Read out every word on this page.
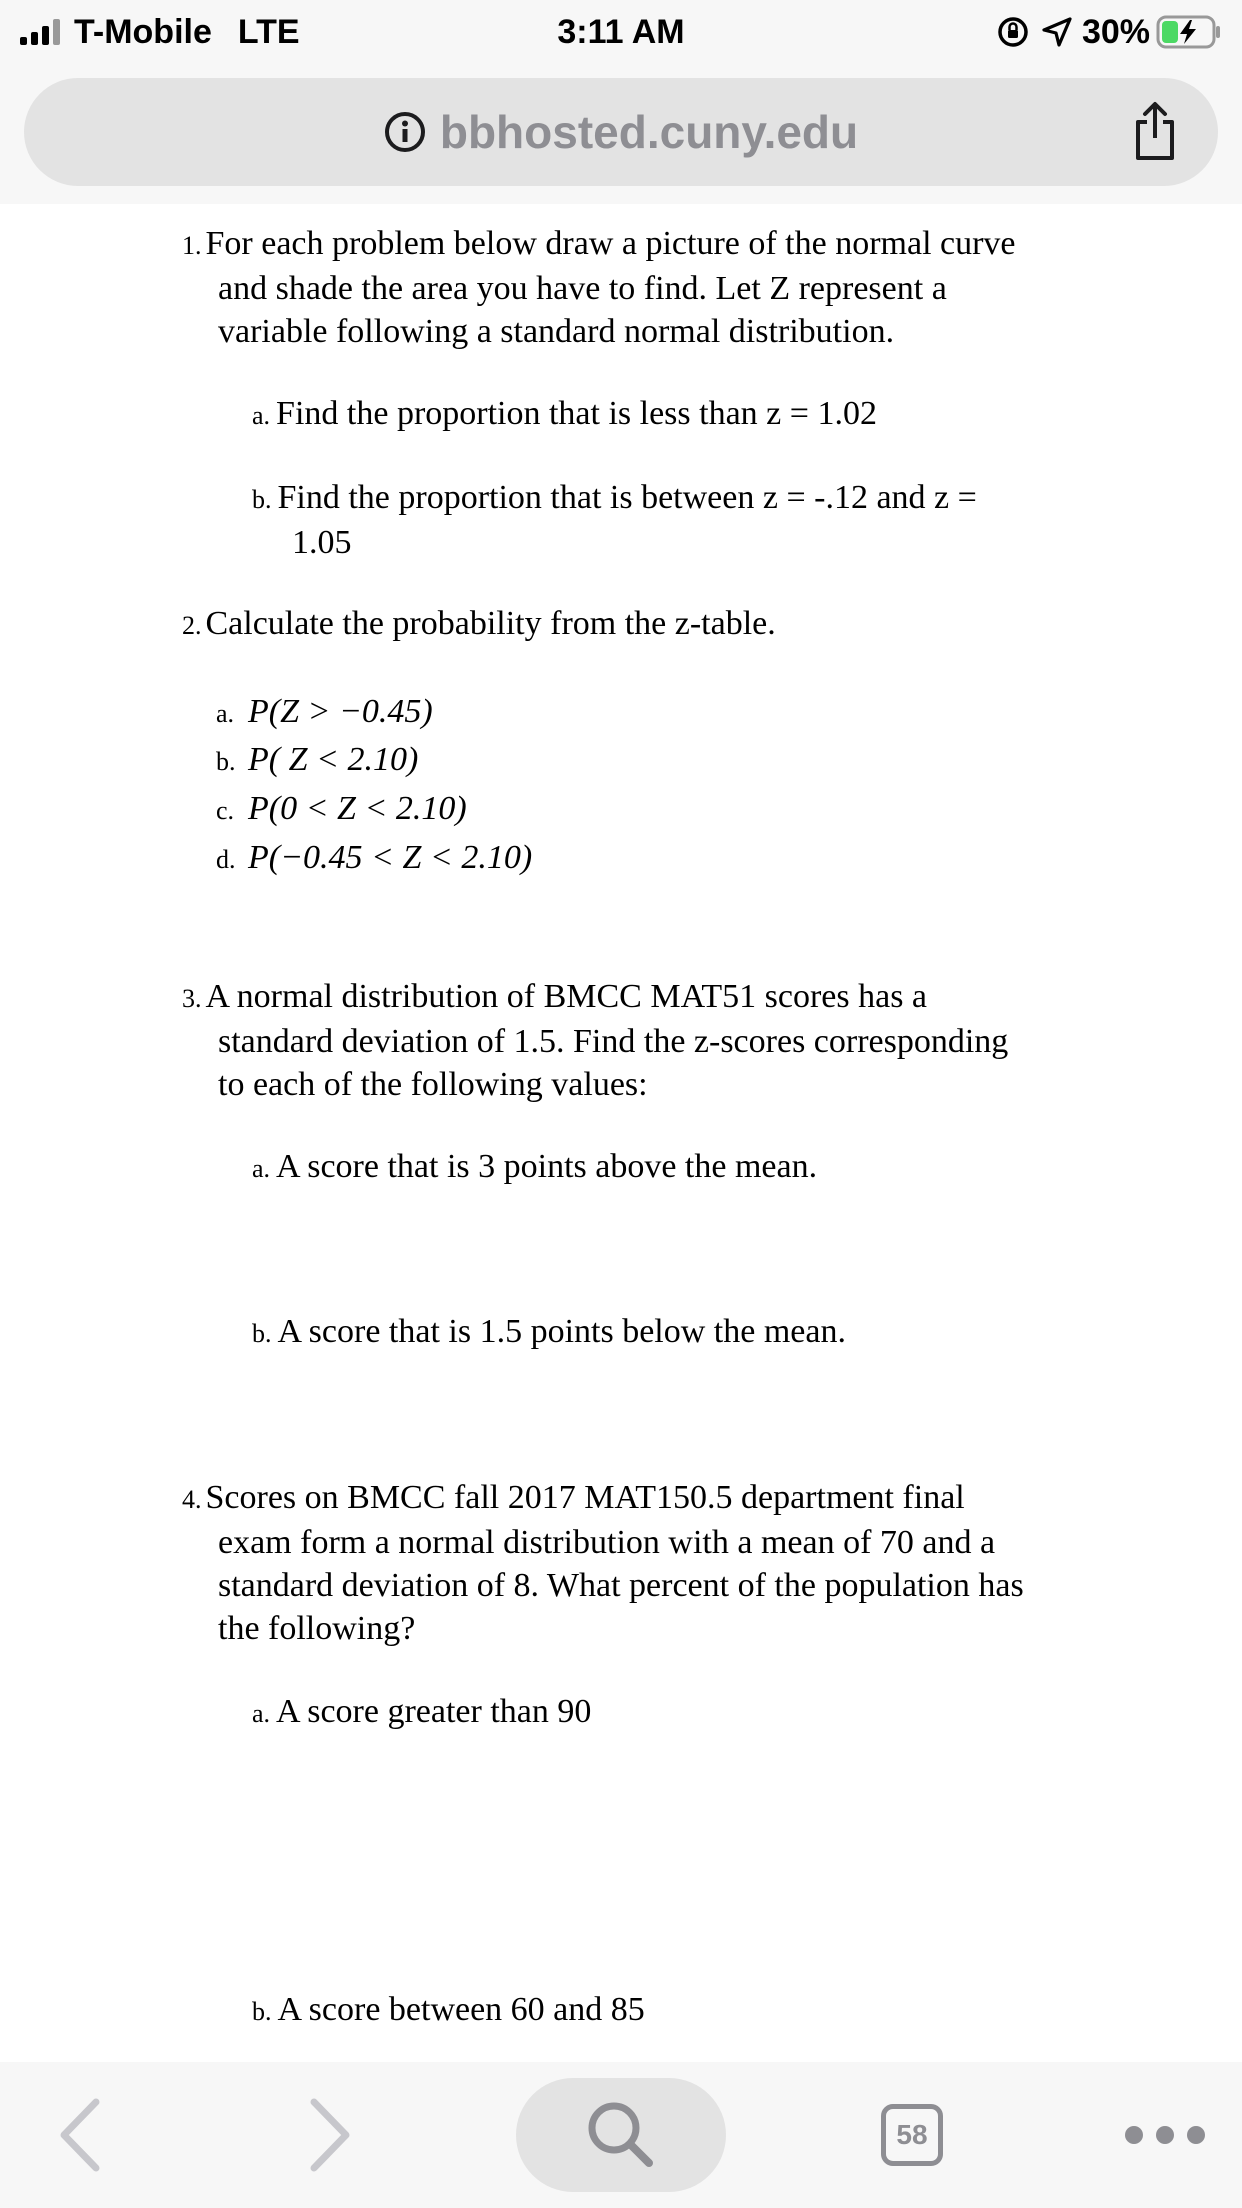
T-Mobile LTE	3:11 AM	30%
bbhosted.cuny.edu
1. For each problem below draw a picture of the normal curve
and shade the area you have to find. Let Z represent a
variable following a standard normal distribution.
a. Find the proportion that is less than z = 1.02
b. Find the proportion that is between z = -.12 and z =
1.05
2. Calculate the probability from the z-table.
a. P(Z > −0.45)
b. P( Z < 2.10)
c. P(0 < Z < 2.10)
d. P(−0.45 < Z < 2.10)
3. A normal distribution of BMCC MAT51 scores has a
standard deviation of 1.5. Find the z-scores corresponding
to each of the following values:
a. A score that is 3 points above the mean.
b. A score that is 1.5 points below the mean.
4. Scores on BMCC fall 2017 MAT150.5 department final
exam form a normal distribution with a mean of 70 and a
standard deviation of 8. What percent of the population has
the following?
a. A score greater than 90
b. A score between 60 and 85
58
